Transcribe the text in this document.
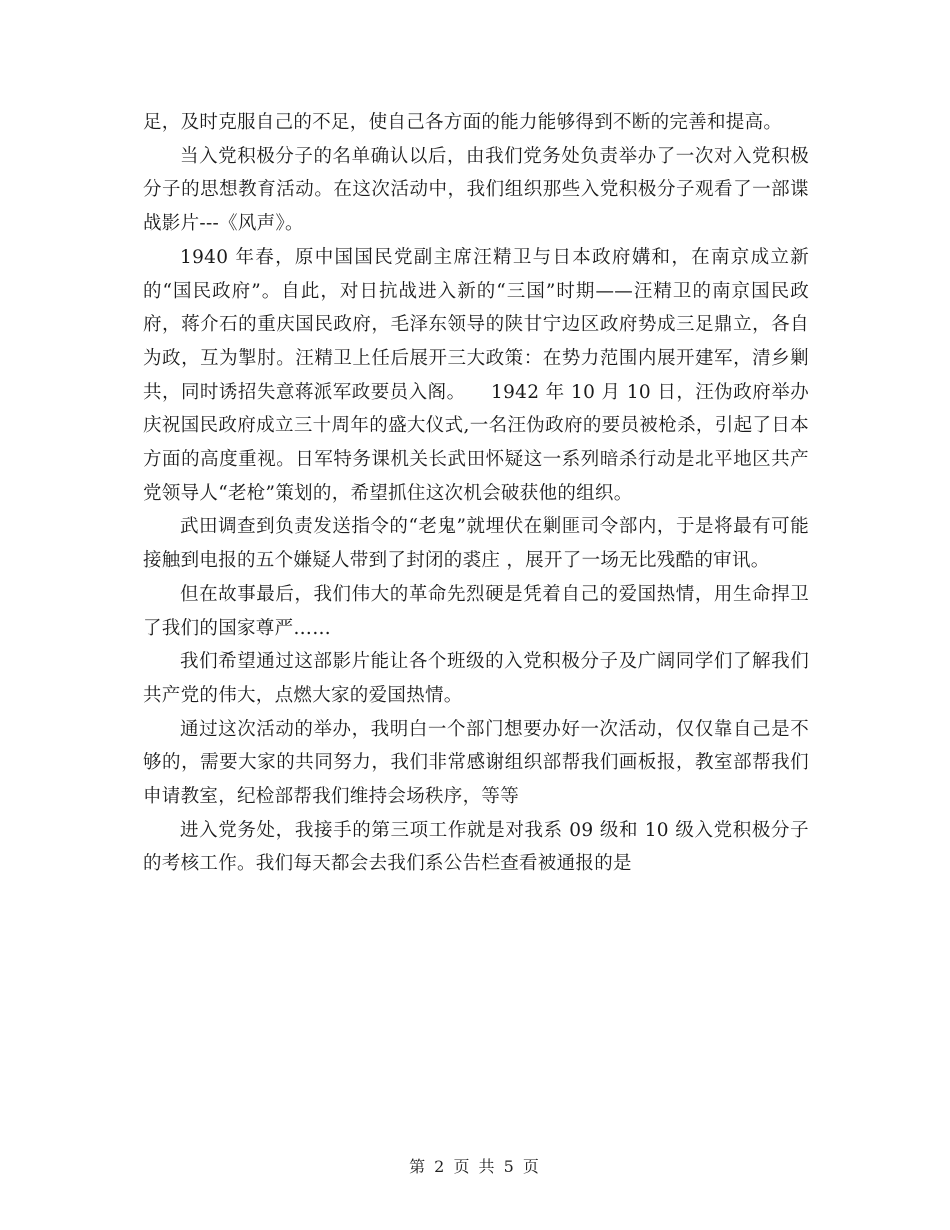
足，及时克服自己的不足，使自己各方面的能力能够得到不断的完善和提高。

当入党积极分子的名单确认以后，由我们党务处负责举办了一次对入党积极分子的思想教育活动。在这次活动中，我们组织那些入党积极分子观看了一部谍战影片---《风声》。

1940 年春，原中国国民党副主席汪精卫与日本政府媾和，在南京成立新的“国民政府”。自此，对日抗战进入新的“三国”时期——汪精卫的南京国民政府，蒋介石的重庆国民政府，毛泽东领导的陕甘宁边区政府势成三足鼎立，各自为政，互为掣肘。汪精卫上任后展开三大政策：在势力范围内展开建军，清乡剿共，同时诱招失意蒋派军政要员入阁。    1942 年 10 月 10 日，汪伪政府举办庆祝国民政府成立三十周年的盛大仪式,一名汪伪政府的要员被枪杀，引起了日本方面的高度重视。日军特务课机关长武田怀疑这一系列暗杀行动是北平地区共产党领导人“老枪”策划的，希望抓住这次机会破获他的组织。

武田调查到负责发送指令的“老鬼”就埋伏在剿匪司令部内，于是将最有可能接触到电报的五个嫌疑人带到了封闭的裘庄 ，展开了一场无比残酷的审讯。

但在故事最后，我们伟大的革命先烈硬是凭着自己的爱国热情，用生命捍卫了我们的国家尊严……

我们希望通过这部影片能让各个班级的入党积极分子及广阔同学们了解我们共产党的伟大，点燃大家的爱国热情。

通过这次活动的举办，我明白一个部门想要办好一次活动，仅仅靠自己是不够的，需要大家的共同努力，我们非常感谢组织部帮我们画板报，教室部帮我们申请教室，纪检部帮我们维持会场秩序，等等

进入党务处，我接手的第三项工作就是对我系 09 级和 10 级入党积极分子的考核工作。我们每天都会去我们系公告栏查看被通报的是

第 2 页 共 5 页
